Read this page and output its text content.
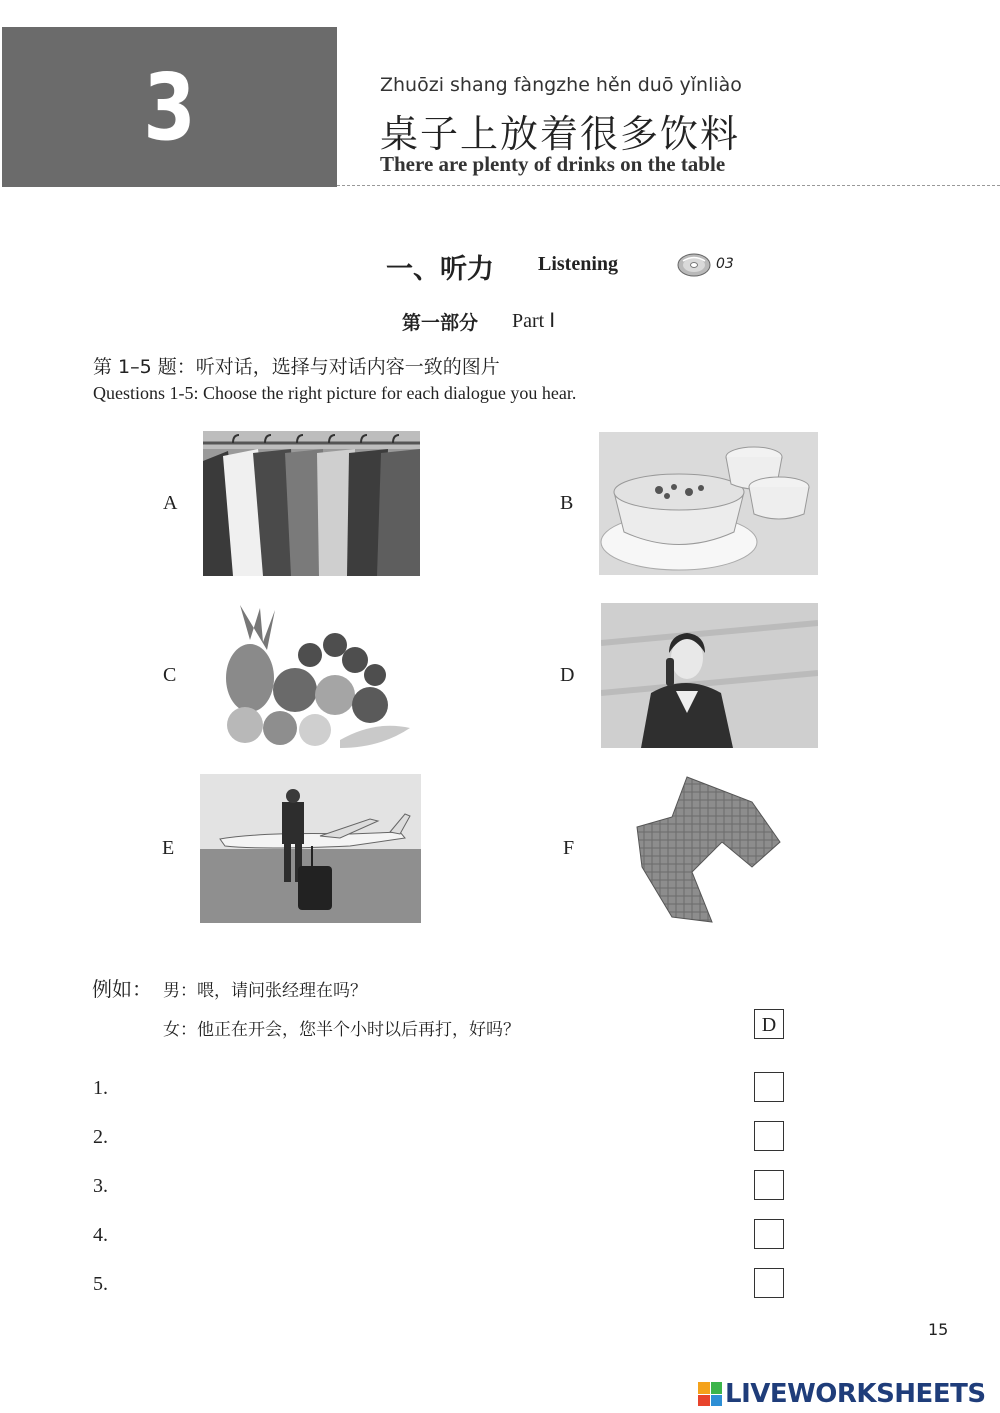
3	Zhuōzi shang fàngzhe hěn duō yǐnliào
桌子上放着很多饮料
There are plenty of drinks on the table
一、听力 Listening	03
第一部分 Part Ⅰ
第 1–5 题：听对话，选择与对话内容一致的图片
Questions 1-5: Choose the right picture for each dialogue you hear.
A	B
C	D
E	F
例如： 男：喂，请问张经理在吗？
女：他正在开会，您半个小时以后再打，好吗？	D
1.
2.
3.
4.
5.
15
LIVEWORKSHEETS
